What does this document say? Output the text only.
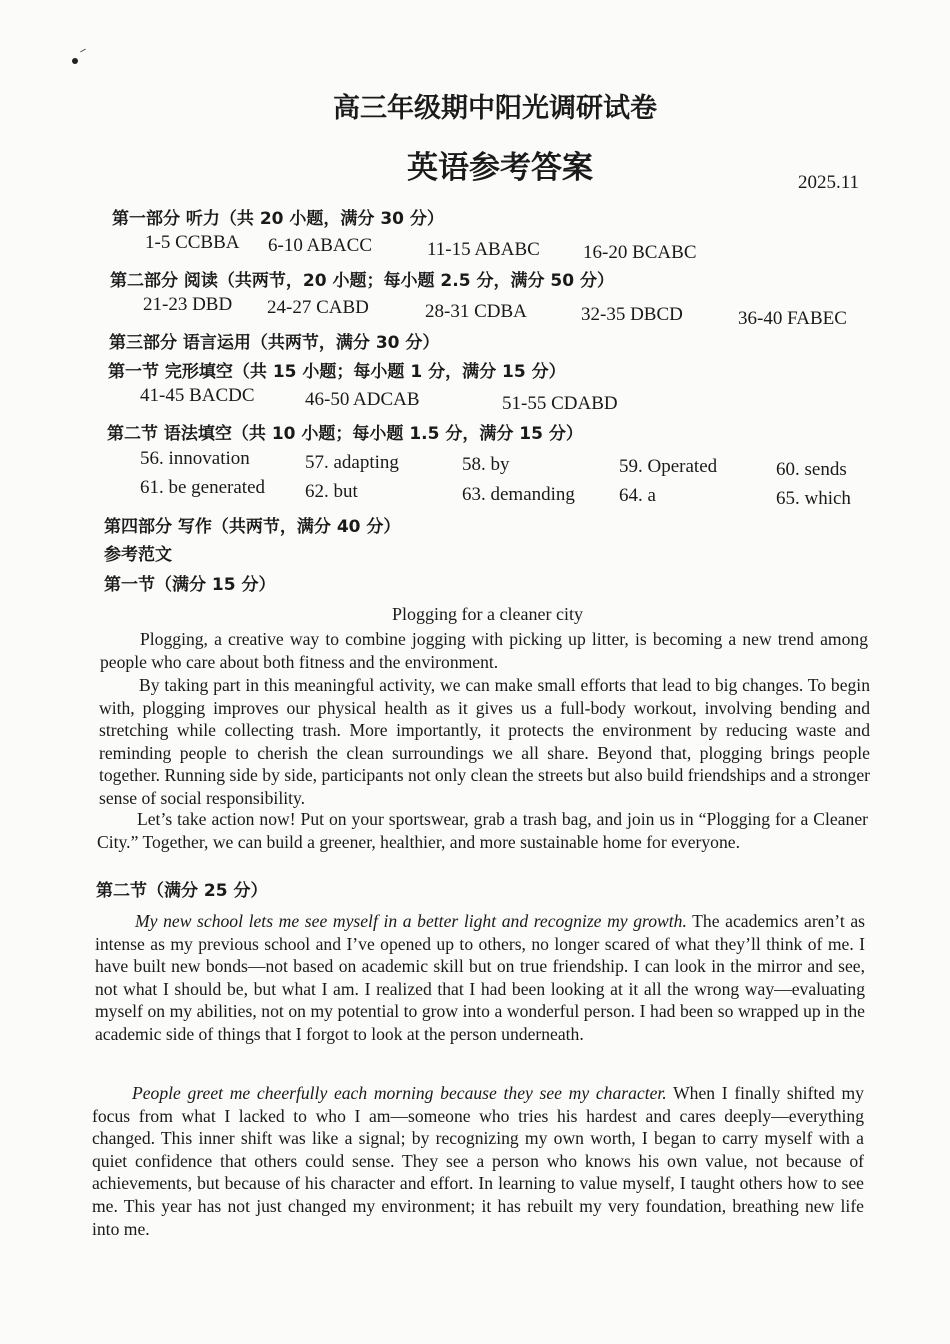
高三年级期中阳光调研试卷
英语参考答案	2025.11
第一部分 听力（共 20 小题，满分 30 分）
1-5 CCBBA 6-10 ABACC	11-15 ABABC 16-20 BCABC
第二部分 阅读（共两节，20 小题；每小题 2.5 分，满分 50 分）
21-23 DBD 24-27 CABD	28-31 CDBA	32-35 DBCD	36-40 FABEC
第三部分 语言运用（共两节，满分 30 分）
第一节 完形填空（共 15 小题；每小题 1 分，满分 15 分）
41-45 BACDC	46-50 ADCAB	51-55 CDABD
第二节 语法填空（共 10 小题；每小题 1.5 分，满分 15 分）
56. innovation	57. adapting	58. by	59. Operated	60. sends
61. be generated 62. but	63. demanding 64. a	65. which
第四部分 写作（共两节，满分 40 分）
参考范文
第一节（满分 15 分）
Plogging for a cleaner city
Plogging, a creative way to combine jogging with picking up litter, is becoming a new trend among people who care about both fitness and the environment.
By taking part in this meaningful activity, we can make small efforts that lead to big changes. To begin with, plogging improves our physical health as it gives us a full-body workout, involving bending and stretching while collecting trash. More importantly, it protects the environment by reducing waste and reminding people to cherish the clean surroundings we all share. Beyond that, plogging brings people together. Running side by side, participants not only clean the streets but also build friendships and a stronger sense of social responsibility.
Let’s take action now! Put on your sportswear, grab a trash bag, and join us in “Plogging for a Cleaner City.” Together, we can build a greener, healthier, and more sustainable home for everyone.
第二节（满分 25 分）
My new school lets me see myself in a better light and recognize my growth. The academics aren’t as intense as my previous school and I’ve opened up to others, no longer scared of what they’ll think of me. I have built new bonds—not based on academic skill but on true friendship. I can look in the mirror and see, not what I should be, but what I am. I realized that I had been looking at it all the wrong way—evaluating myself on my abilities, not on my potential to grow into a wonderful person. I had been so wrapped up in the academic side of things that I forgot to look at the person underneath.
People greet me cheerfully each morning because they see my character. When I finally shifted my focus from what I lacked to who I am—someone who tries his hardest and cares deeply—everything changed. This inner shift was like a signal; by recognizing my own worth, I began to carry myself with a quiet confidence that others could sense. They see a person who knows his own value, not because of achievements, but because of his character and effort. In learning to value myself, I taught others how to see me. This year has not just changed my environment; it has rebuilt my very foundation, breathing new life into me.
